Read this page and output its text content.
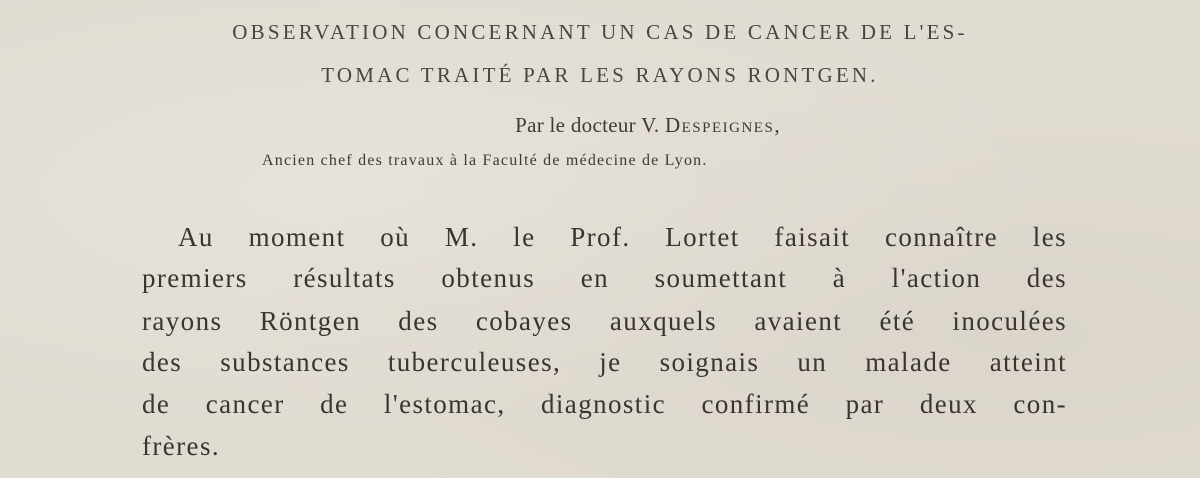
OBSERVATION CONCERNANT UN CAS DE CANCER DE L'ES-
TOMAC TRAITÉ PAR LES RAYONS RONTGEN.
Par le docteur V. Despeignes,
Ancien chef des travaux à la Faculté de médecine de Lyon.
Au moment où M. le Prof. Lortet faisait connaître les
premiers résultats obtenus en soumettant à l'action des
rayons Röntgen des cobayes auxquels avaient été inoculées
des substances tuberculeuses, je soignais un malade atteint
de cancer de l'estomac, diagnostic confirmé par deux con-
frères.
